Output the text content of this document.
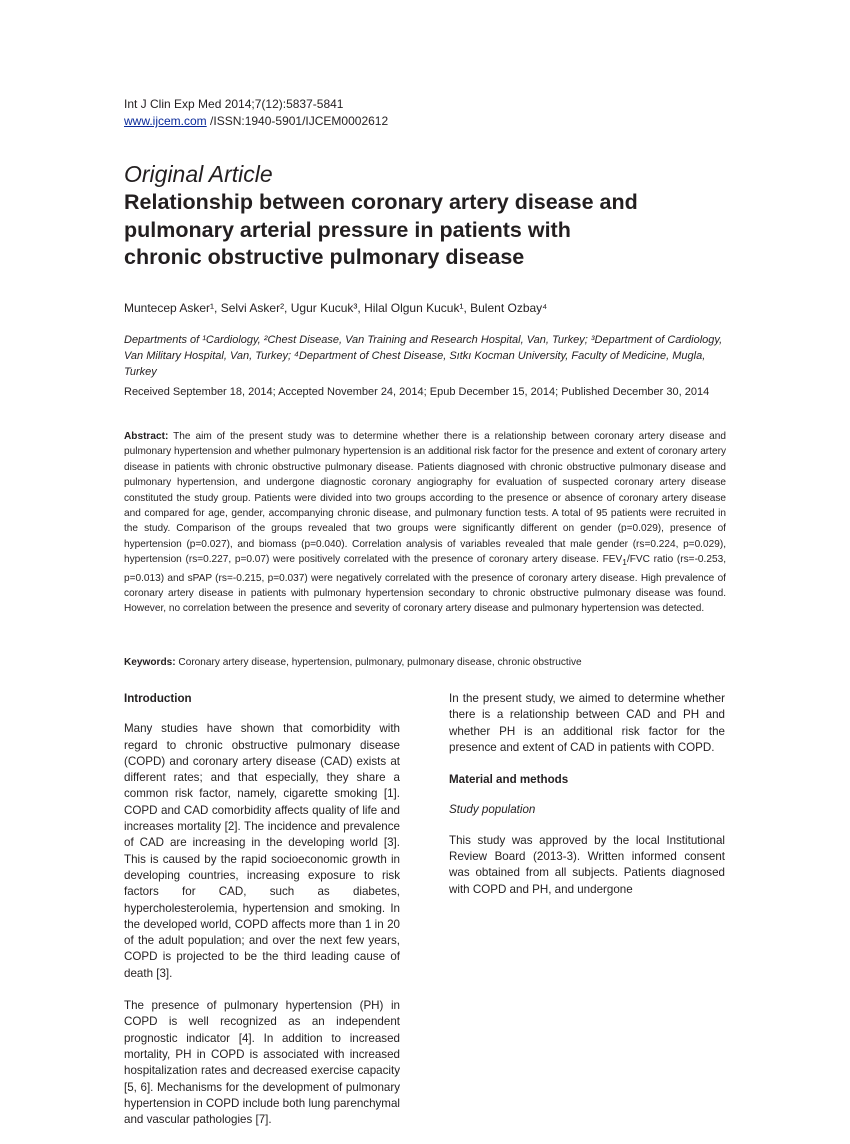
Int J Clin Exp Med 2014;7(12):5837-5841
www.ijcem.com /ISSN:1940-5901/IJCEM0002612
Original Article
Relationship between coronary artery disease and
pulmonary arterial pressure in patients with
chronic obstructive pulmonary disease
Muntecep Asker¹, Selvi Asker², Ugur Kucuk³, Hilal Olgun Kucuk¹, Bulent Ozbay⁴
Departments of ¹Cardiology, ²Chest Disease, Van Training and Research Hospital, Van, Turkey; ³Department of Cardiology, Van Military Hospital, Van, Turkey; ⁴Department of Chest Disease, Sıtkı Kocman University, Faculty of Medicine, Mugla, Turkey
Received September 18, 2014; Accepted November 24, 2014; Epub December 15, 2014; Published December 30, 2014
Abstract: The aim of the present study was to determine whether there is a relationship between coronary artery disease and pulmonary hypertension and whether pulmonary hypertension is an additional risk factor for the presence and extent of coronary artery disease in patients with chronic obstructive pulmonary disease. Patients diagnosed with chronic obstructive pulmonary disease and pulmonary hypertension, and undergone diagnostic coronary angiography for evaluation of suspected coronary artery disease constituted the study group. Patients were divided into two groups according to the presence or absence of coronary artery disease and compared for age, gender, accompanying chronic disease, and pulmonary function tests. A total of 95 patients were recruited in the study. Comparison of the groups revealed that two groups were significantly different on gender (p=0.029), presence of hypertension (p=0.027), and biomass (p=0.040). Correlation analysis of variables revealed that male gender (rs=0.224, p=0.029), hypertension (rs=0.227, p=0.07) were positively correlated with the presence of coronary artery disease. $FEV_1$/FVC ratio (rs=-0.253, p=0.013) and sPAP (rs=-0.215, p=0.037) were negatively correlated with the presence of coronary artery disease. High prevalence of coronary artery disease in patients with pulmonary hypertension secondary to chronic obstructive pulmonary disease was found. However, no correlation between the presence and severity of coronary artery disease and pulmonary hypertension was detected.
Keywords: Coronary artery disease, hypertension, pulmonary, pulmonary disease, chronic obstructive
Introduction

Many studies have shown that comorbidity with regard to chronic obstructive pulmonary disease (COPD) and coronary artery disease (CAD) exists at different rates; and that especially, they share a common risk factor, namely, cigarette smoking [1]. COPD and CAD comorbidity affects quality of life and increases mortality [2]. The incidence and prevalence of CAD are increasing in the developing world [3]. This is caused by the rapid socioeconomic growth in developing countries, increasing exposure to risk factors for CAD, such as diabetes, hypercholesterolemia, hypertension and smoking. In the developed world, COPD affects more than 1 in 20 of the adult population; and over the next few years, COPD is projected to be the third leading cause of death [3].

The presence of pulmonary hypertension (PH) in COPD is well recognized as an independent prognostic indicator [4]. In addition to increased mortality, PH in COPD is associated with increased hospitalization rates and decreased exercise capacity [5, 6]. Mechanisms for the development of pulmonary hypertension in COPD include both lung parenchymal and vascular pathologies [7].

In the present study, we aimed to determine whether there is a relationship between CAD and PH and whether PH is an additional risk factor for the presence and extent of CAD in patients with COPD.

Material and methods
Study population

This study was approved by the local Institutional Review Board (2013-3). Written informed consent was obtained from all subjects. Patients diagnosed with COPD and PH, and undergone
